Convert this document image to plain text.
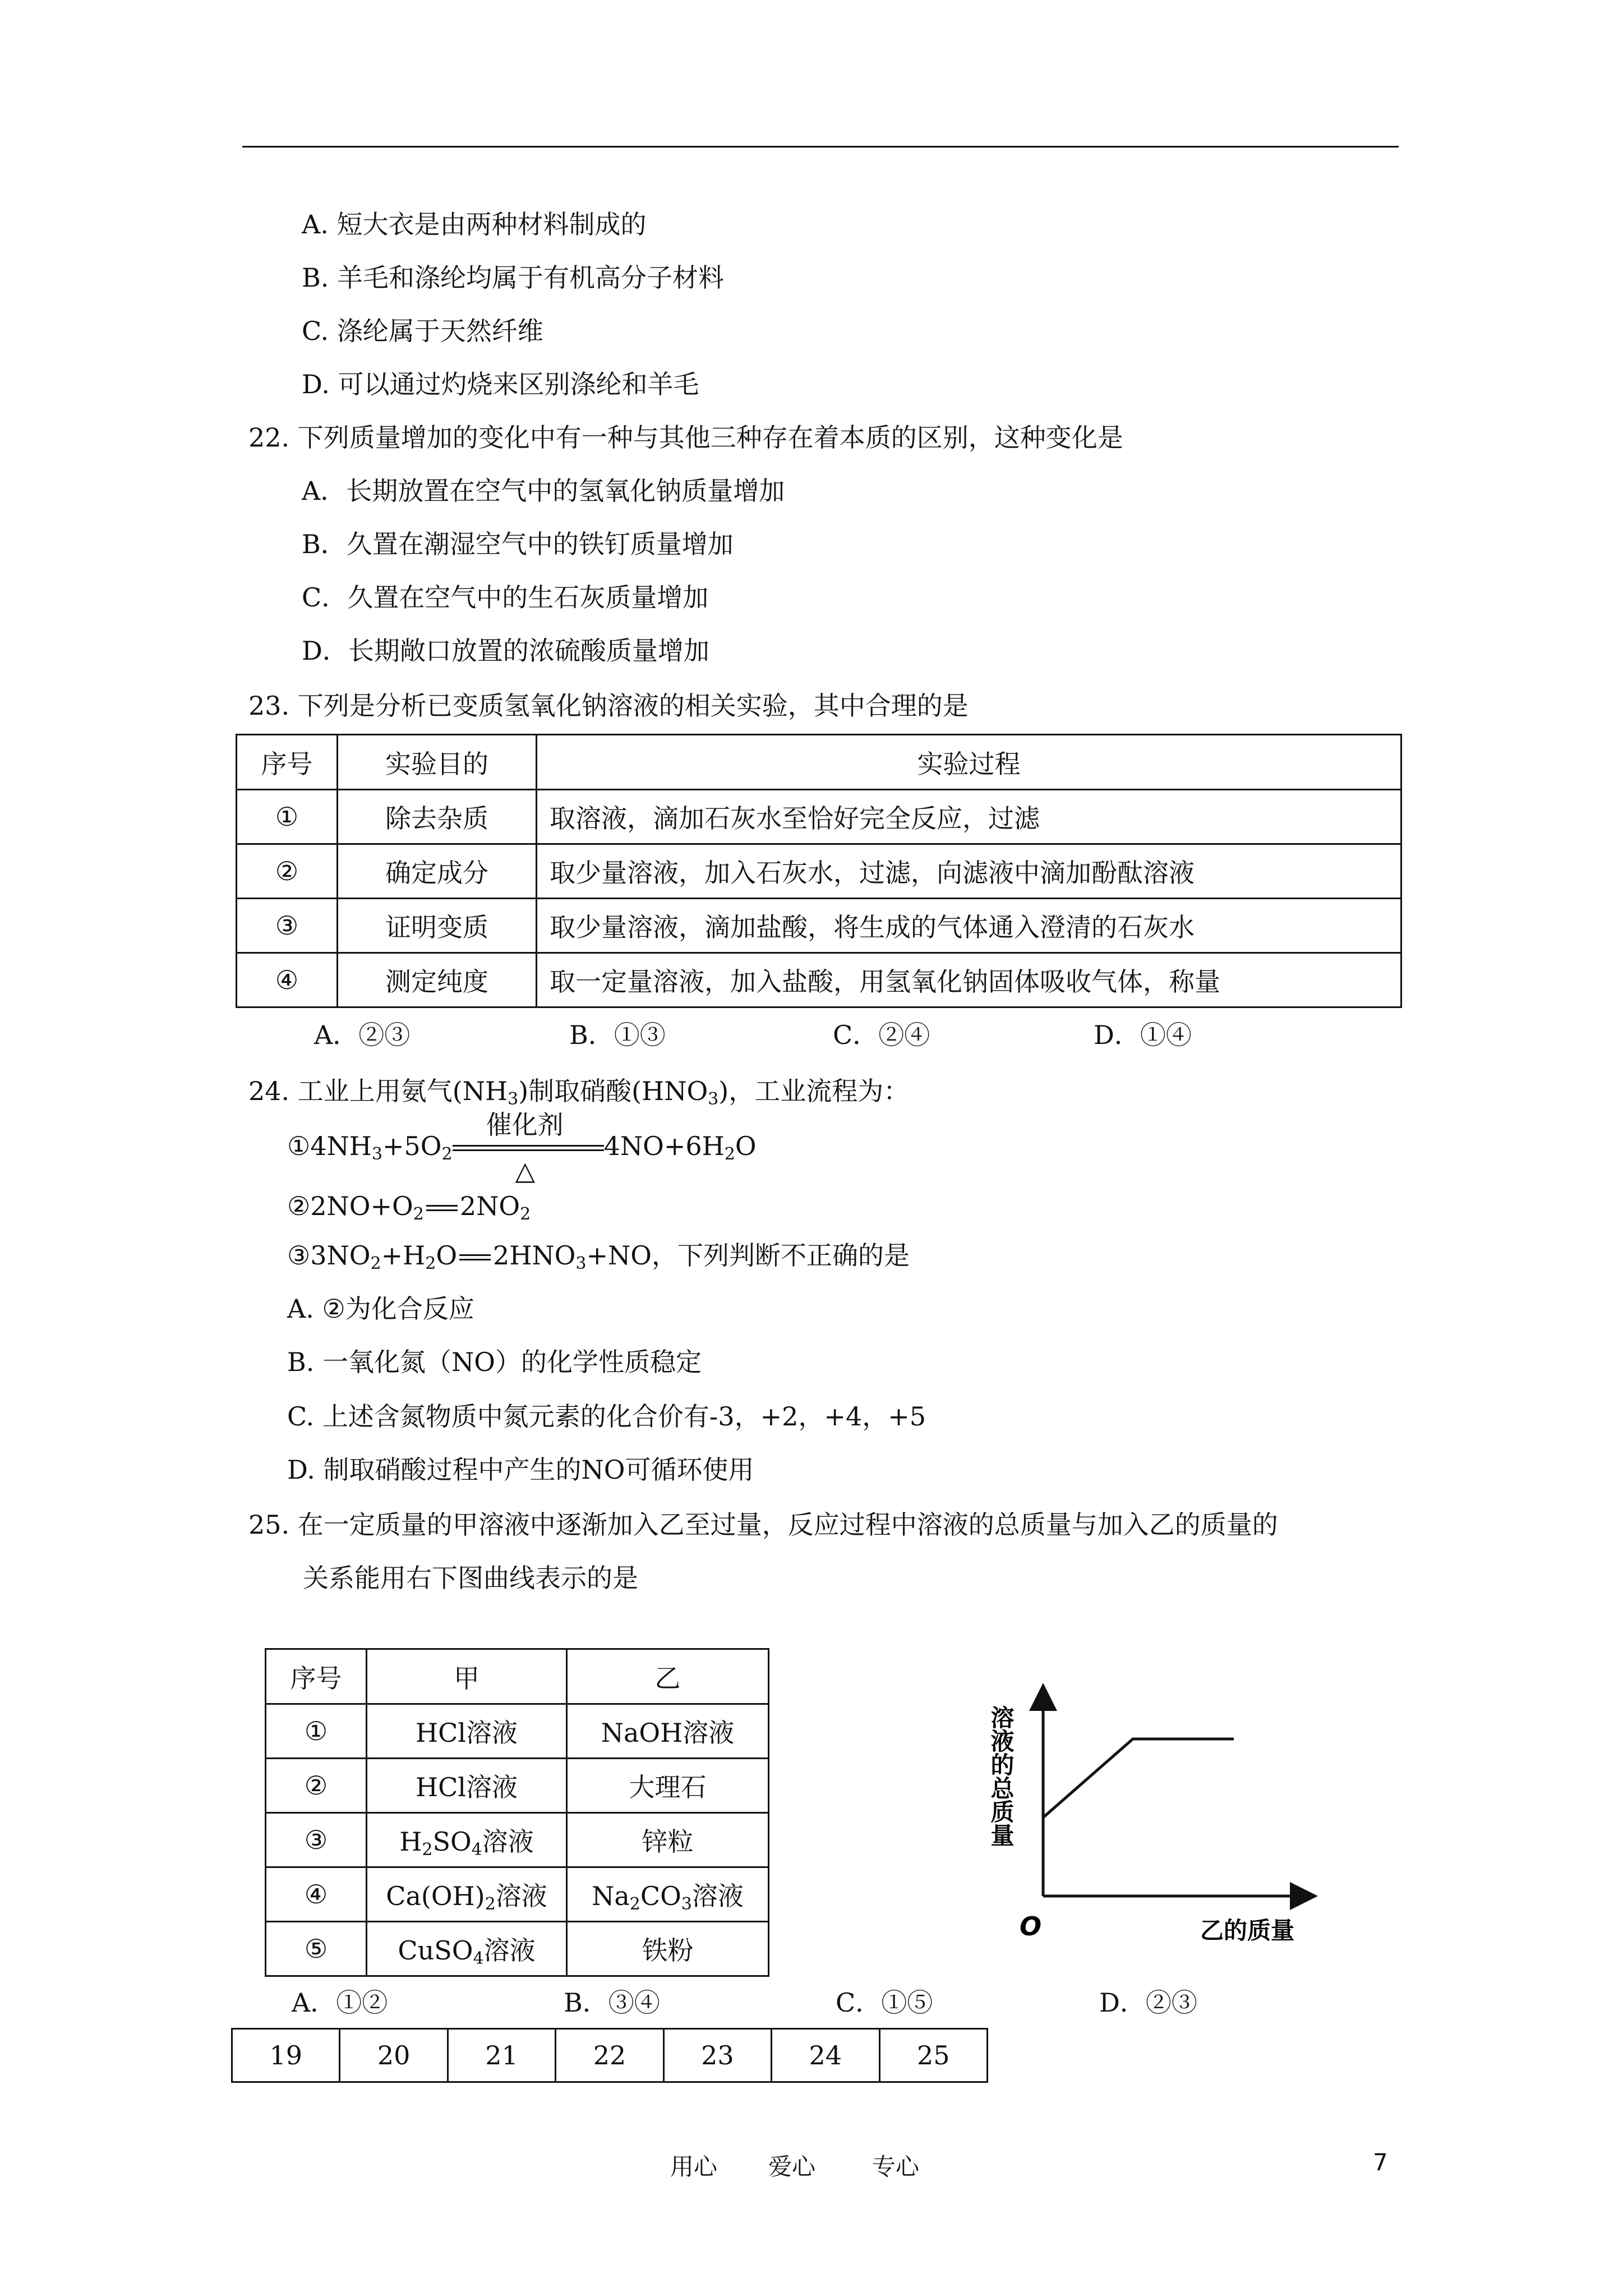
A. 短大衣是由两种材料制成的
B. 羊毛和涤纶均属于有机高分子材料
C. 涤纶属于天然纤维
D. 可以通过灼烧来区别涤纶和羊毛
22. 下列质量增加的变化中有一种与其他三种存在着本质的区别，这种变化是
A．长期放置在空气中的氢氧化钠质量增加
B．久置在潮湿空气中的铁钉质量增加
C．久置在空气中的生石灰质量增加
D．长期敞口放置的浓硫酸质量增加
23. 下列是分析已变质氢氧化钠溶液的相关实验，其中合理的是
序号	实验目的	实验过程
①	除去杂质	取溶液，滴加石灰水至恰好完全反应，过滤
②	确定成分	取少量溶液，加入石灰水，过滤，向滤液中滴加酚酞溶液
③	证明变质	取少量溶液，滴加盐酸，将生成的气体通入澄清的石灰水
④	测定纯度	取一定量溶液，加入盐酸，用氢氧化钠固体吸收气体，称量
A．②③	B．①③	C．②④	D．①④
24. 工业上用氨气$(NH_3)$制取硝酸$(HNO_3)$，工业流程为：
$①4NH_3+5O_2$
催化剂
△
$4NO+6H_2O$
$②2NO+O_2$ $2NO_2$
$③3NO_2+H_2O$ $2HNO_3+NO$，下列判断不正确的是
A. ②为化合反应
B. 一氧化氮（NO）的化学性质稳定
C. 上述含氮物质中氮元素的化合价有-3，+2，+4，+5
D. 制取硝酸过程中产生的NO可循环使用
25. 在一定质量的甲溶液中逐渐加入乙至过量，反应过程中溶液的总质量与加入乙的质量的
关系能用右下图曲线表示的是
序号	甲	乙
①	HCl溶液	NaOH溶液
②	HCl溶液	大理石
③	$H_2SO_4$溶液	锌粒
④	$Ca(OH)_2$溶液	$Na_2CO_3$溶液
⑤	CuSO$_4$溶液	铁粉
O	乙的质量
溶液的总质量
A．①②	B．③④	C．①⑤	D．②③
19	20	21	22	23	24	25
用心 爱心 专心	7
